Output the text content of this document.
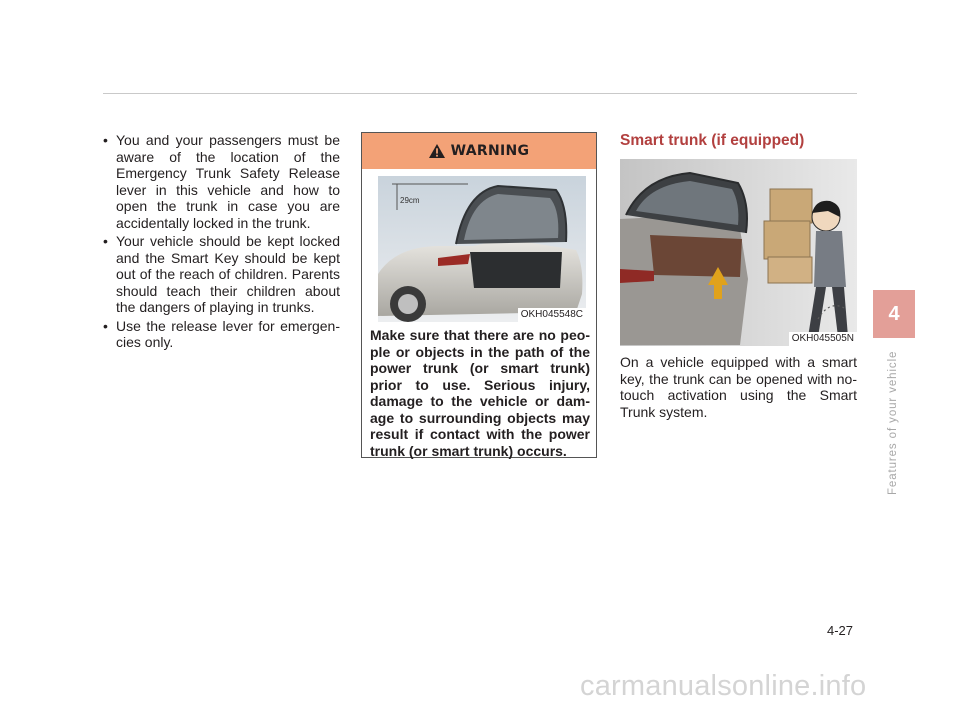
• You and your passengers must be aware of the location of the Emergency Trunk Safety Release lever in this vehicle and how to open the trunk in case you are accidentally locked in the trunk.
• Your vehicle should be kept locked and the Smart Key should be kept out of the reach of children. Parents should teach their children about the dangers of playing in trunks.
• Use the release lever for emergen-cies only.
WARNING
29cm
OKH045548C
Make sure that there are no peo-ple or objects in the path of the power trunk (or smart trunk) prior to use. Serious injury, damage to the vehicle or dam-age to surrounding objects may result if contact with the power trunk (or smart trunk) occurs.
Smart trunk (if equipped)
OKH045505N
On a vehicle equipped with a smart key, the trunk can be opened with no-touch activation using the Smart Trunk system.
4
Features of your vehicle
4-27
carmanualsonline.info
